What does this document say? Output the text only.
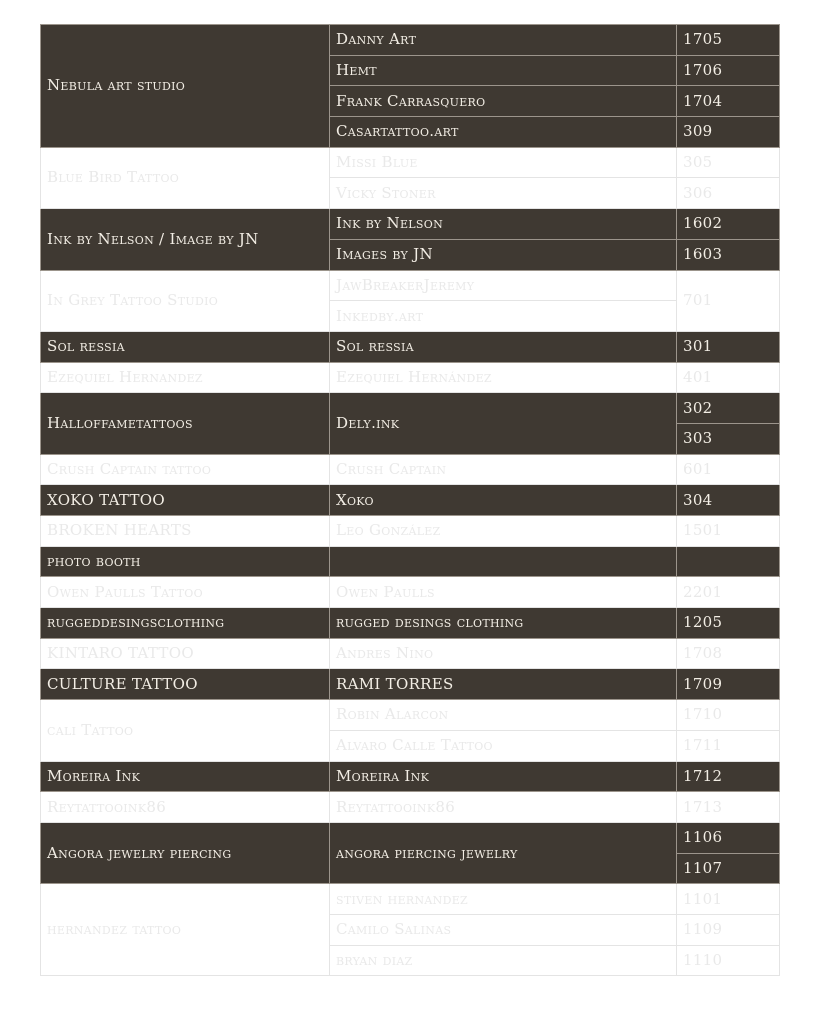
Nebula art studio	Danny Art	1705
	Hemt	1706
	Frank Carrasquero	1704
	Casartattoo.art	309
Blue Bird Tattoo	Missi Blue	305
	Vicky Stoner	306
Ink by Nelson / Image by JN	Ink by Nelson	1602
	Images by JN	1603
In Grey Tattoo Studio	JawBreakerJeremy	701
	Inkedby.art	
Sol ressia	Sol ressia	301
Ezequiel Hernandez	Ezequiel Hernández	401
Halloffametattoos	Dely.ink	302
		303
Crush Captain tattoo	Crush Captain	601
XOKO TATTOO	Xoko	304
BROKEN HEARTS	Leo González	1501
photo booth		
Owen Paulls Tattoo	Owen Paulls	2201
ruggeddesingsclothing	rugged desings clothing	1205
KINTARO TATTOO	Andres Nino	1708
CULTURE TATTOO	RAMI TORRES	1709
cali Tattoo	Robin Alarcon	1710
	Alvaro Calle Tattoo	1711
Moreira Ink	Moreira Ink	1712
Reytattooink86	Reytattooink86	1713
Angora jewelry piercing	angora piercing jewelry	1106
		1107
hernandez tattoo	stiven hernandez	1101
	Camilo Salinas	1109
	bryan diaz	1110
